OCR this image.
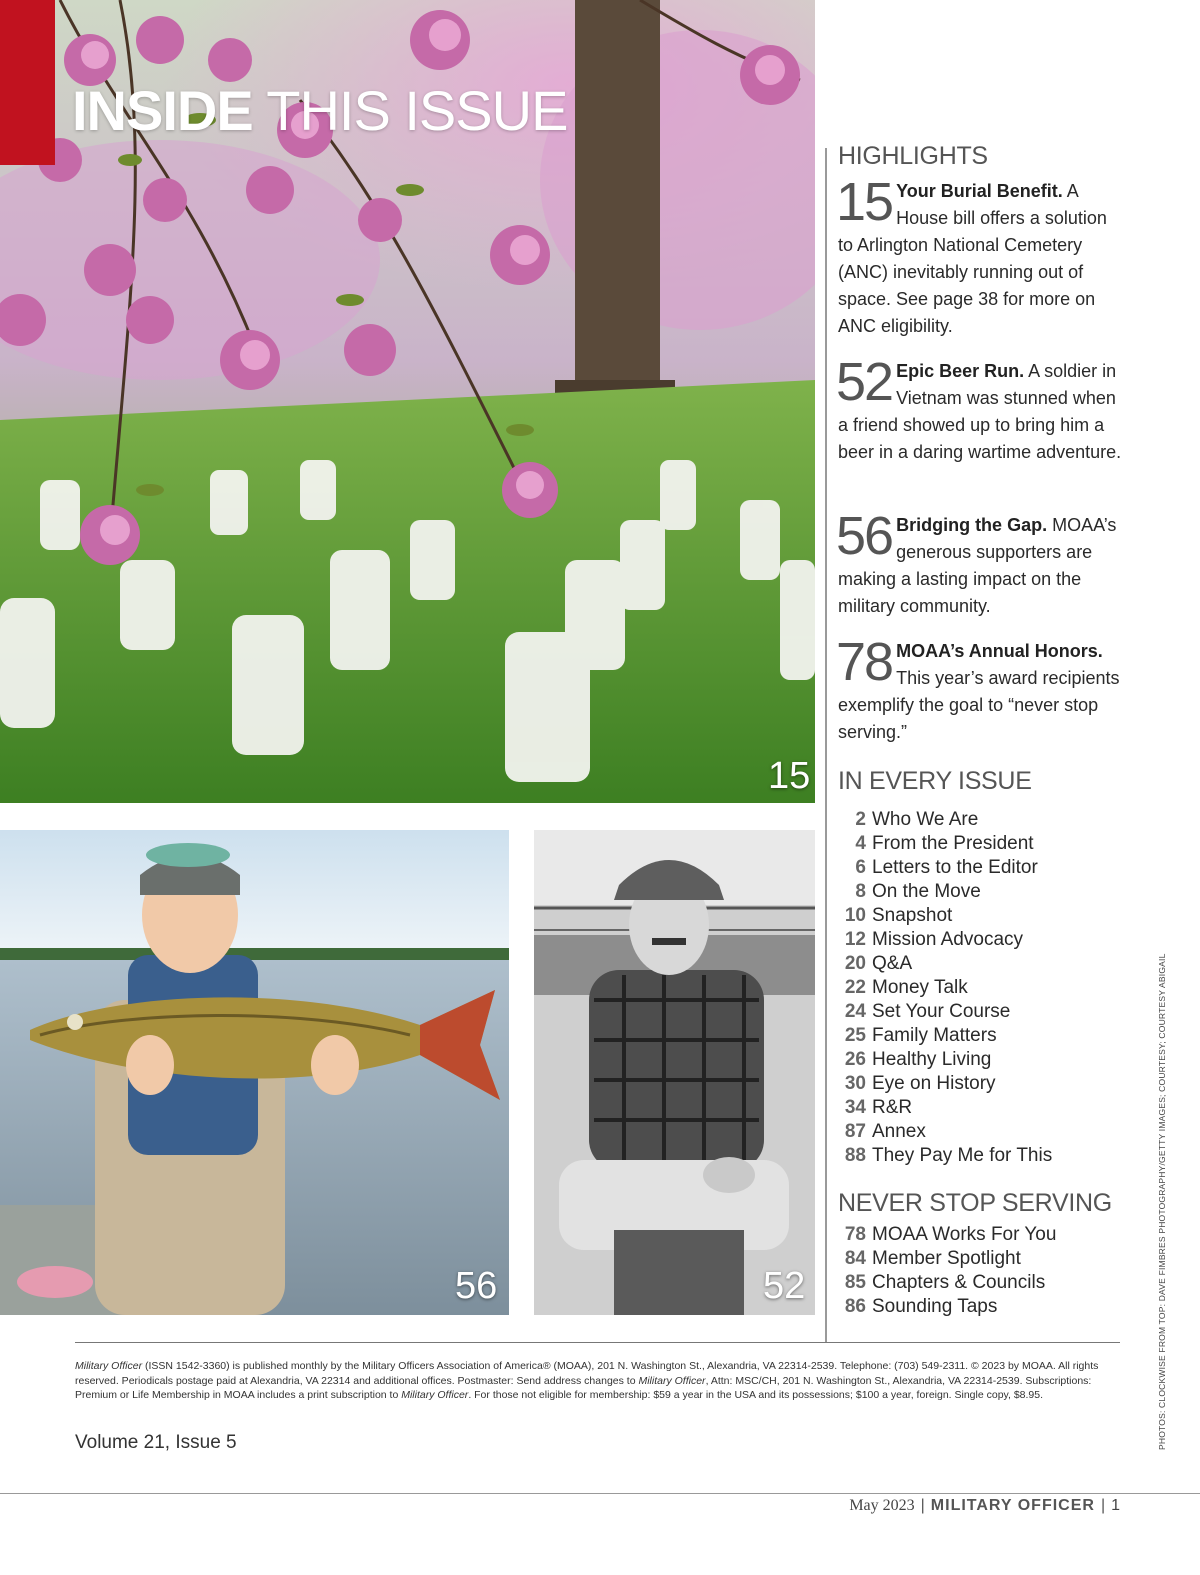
INSIDE THIS ISSUE
15
56	52
HIGHLIGHTS
15 Your Burial Benefit. A House bill offers a solution to Arlington National Cemetery (ANC) inevitably running out of space. See page 38 for more on ANC eligibility.
52 Epic Beer Run. A soldier in Vietnam was stunned when a friend showed up to bring him a beer in a daring wartime adventure.
56 Bridging the Gap. MOAA’s generous supporters are making a lasting impact on the military community.
78 MOAA’s Annual Honors. This year’s award recipients exemplify the goal to “never stop serving.”
IN EVERY ISSUE
2 Who We Are
4 From the President
6 Letters to the Editor
8 On the Move
10 Snapshot
12 Mission Advocacy
20 Q&A
22 Money Talk
24 Set Your Course
25 Family Matters
26 Healthy Living
30 Eye on History
34 R&R
87 Annex
88 They Pay Me for This
NEVER STOP SERVING
78 MOAA Works For You
84 Member Spotlight
85 Chapters & Councils
86 Sounding Taps
Military Officer (ISSN 1542-3360) is published monthly by the Military Officers Association of America® (MOAA), 201 N. Washington St., Alexandria, VA 22314-2539. Telephone: (703) 549-2311. © 2023 by MOAA. All rights reserved. Periodicals postage paid at Alexandria, VA 22314 and additional offices. Postmaster: Send address changes to Military Officer, Attn: MSC/CH, 201 N. Washington St., Alexandria, VA 22314-2539. Subscriptions: Premium or Life Membership in MOAA includes a print subscription to Military Officer. For those not eligible for membership: $59 a year in the USA and its possessions; $100 a year, foreign. Single copy, $8.95.
Volume 21, Issue 5	PHOTOS: CLOCKWISE FROM TOP: DAVE FIMBRES PHOTOGRAPHY/GETTY IMAGES; COURTESY; COURTESY ABIGAIL
May 2023 | MILITARY OFFICER | 1
